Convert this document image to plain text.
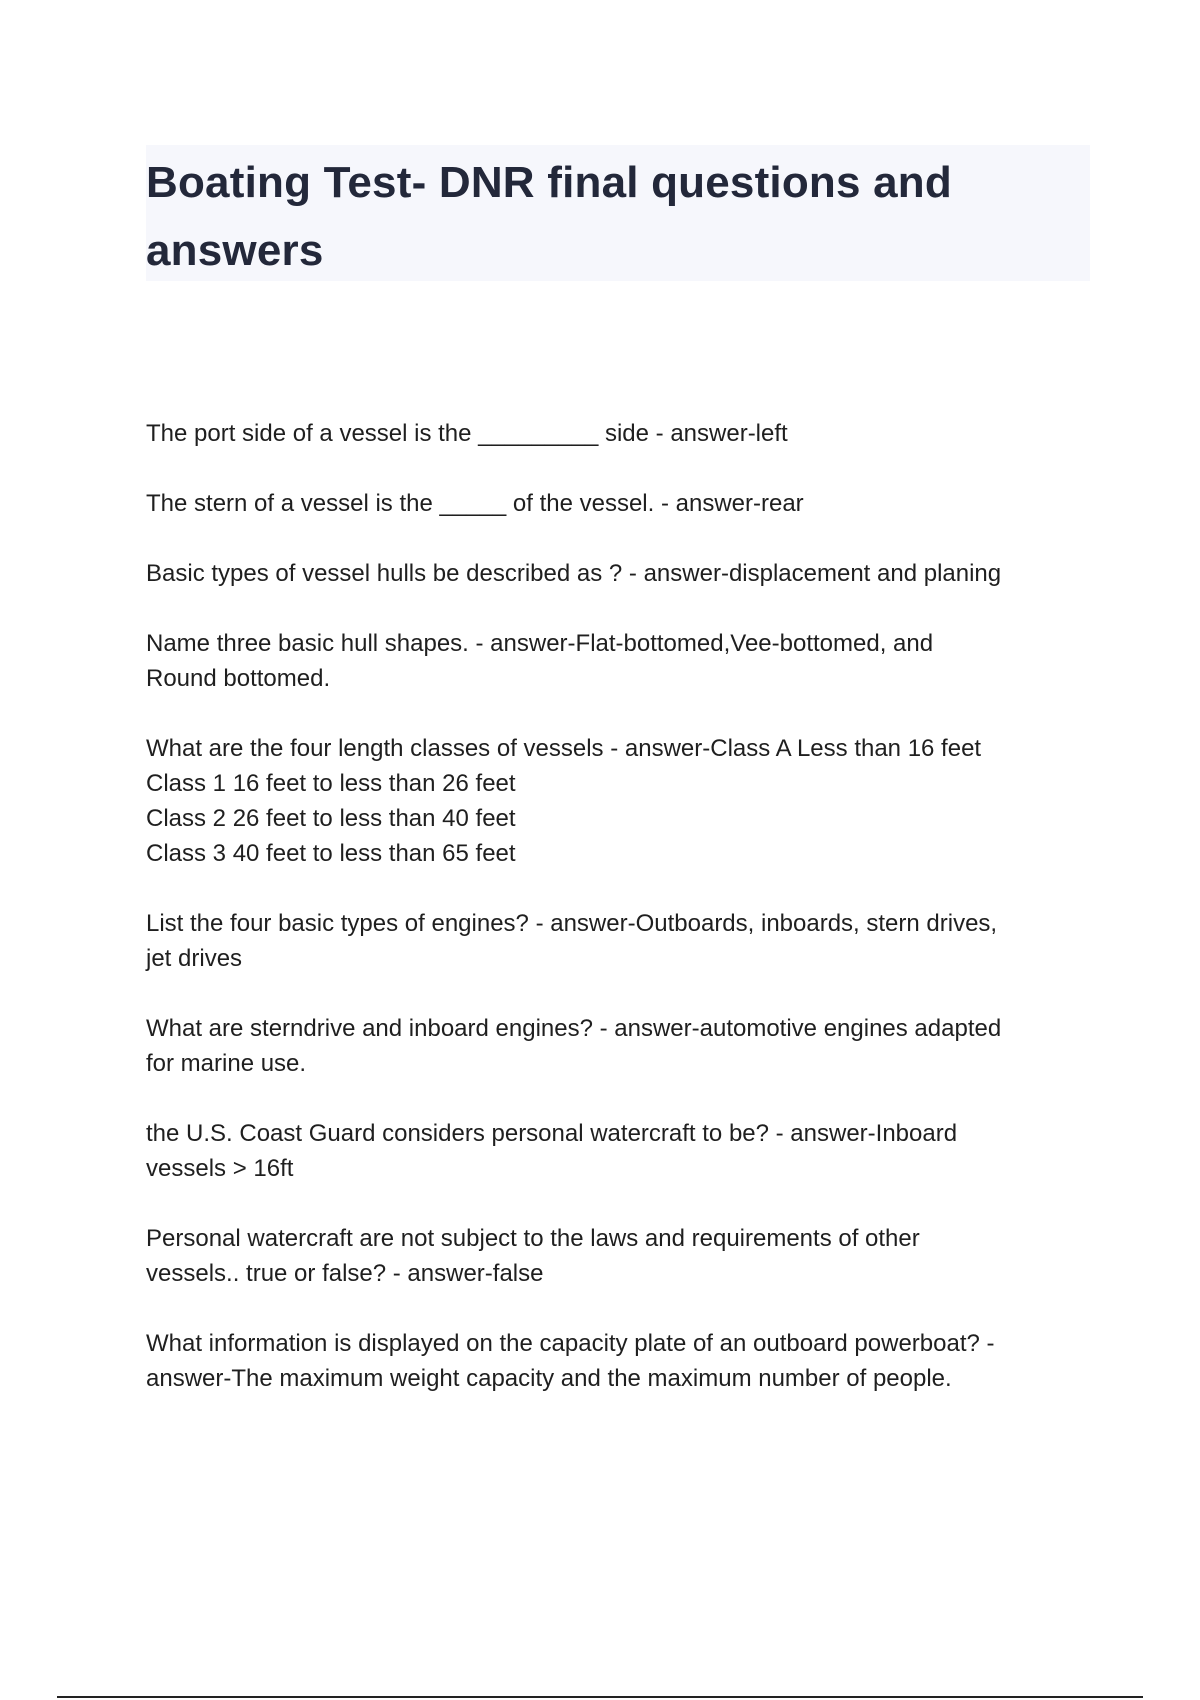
Boating Test- DNR final questions and answers

The port side of a vessel is the _________ side - answer-left

The stern of a vessel is the _____ of the vessel. - answer-rear

Basic types of vessel hulls be described as ? - answer-displacement and planing

Name three basic hull shapes. - answer-Flat-bottomed,Vee-bottomed, and
Round bottomed.

What are the four length classes of vessels - answer-Class A Less than 16 feet
Class 1 16 feet to less than 26 feet
Class 2 26 feet to less than 40 feet
Class 3 40 feet to less than 65 feet

List the four basic types of engines? - answer-Outboards, inboards, stern drives,
jet drives

What are sterndrive and inboard engines? - answer-automotive engines adapted
for marine use.

the U.S. Coast Guard considers personal watercraft to be? - answer-Inboard
vessels > 16ft

Personal watercraft are not subject to the laws and requirements of other
vessels.. true or false? - answer-false

What information is displayed on the capacity plate of an outboard powerboat? -
answer-The maximum weight capacity and the maximum number of people.
